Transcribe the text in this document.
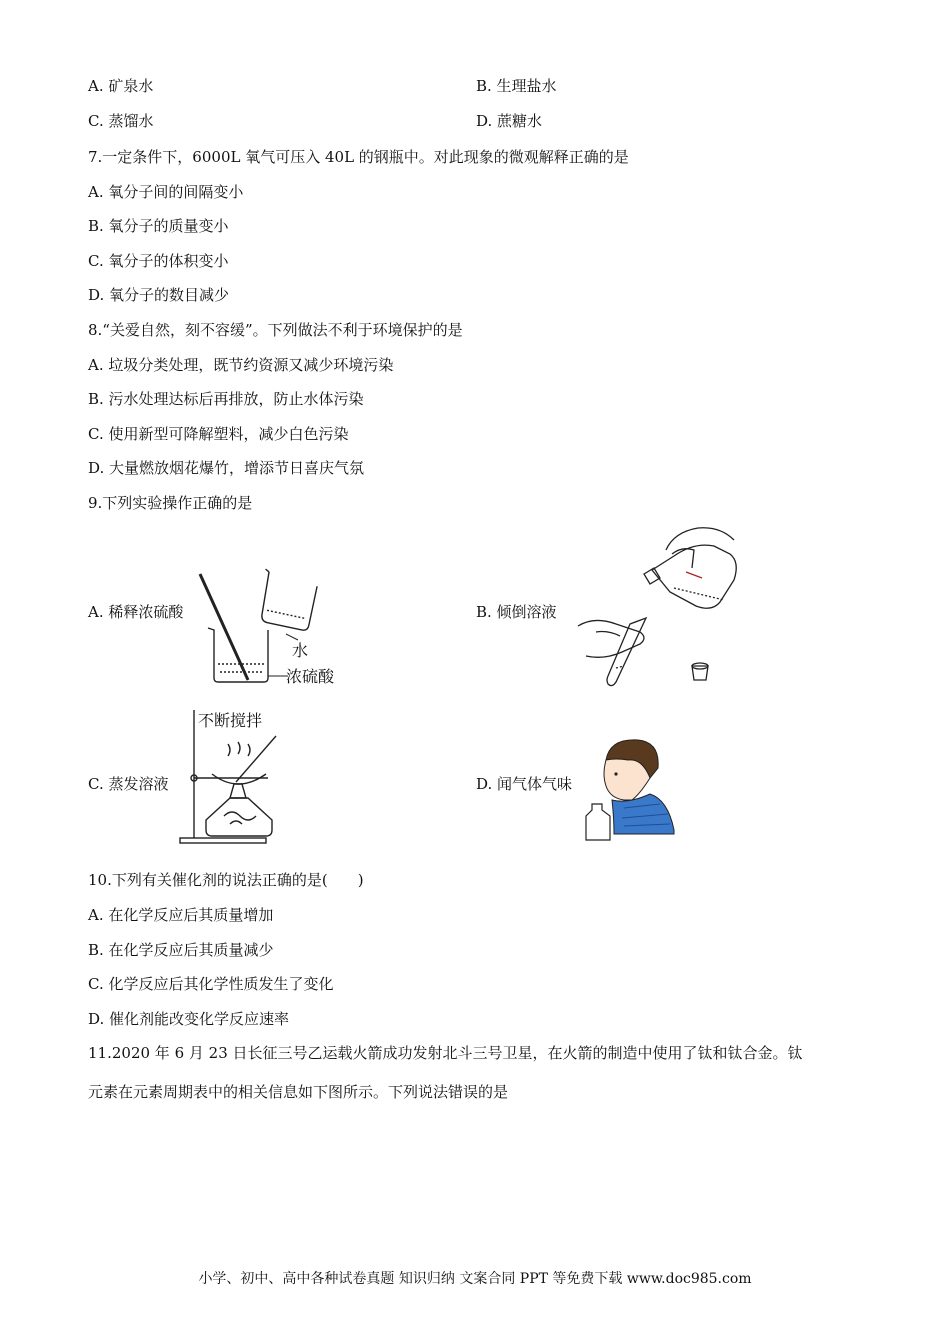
A. 矿泉水	B. 生理盐水
C. 蒸馏水	D. 蔗糖水
7.一定条件下，6000L 氧气可压入 40L 的钢瓶中。对此现象的微观解释正确的是
A. 氧分子间的间隔变小
B. 氧分子的质量变小
C. 氧分子的体积变小
D. 氧分子的数目减少
8.“关爱自然，刻不容缓”。下列做法不利于环境保护的是
A. 垃圾分类处理，既节约资源又减少环境污染
B. 污水处理达标后再排放，防止水体污染
C. 使用新型可降解塑料，减少白色污染
D. 大量燃放烟花爆竹，增添节日喜庆气氛
9.下列实验操作正确的是
A. 稀释浓硫酸
水
浓硫酸
B. 倾倒溶液
C. 蒸发溶液
不断搅拌
D. 闻气体气味
10.下列有关催化剂的说法正确的是(　　)
A. 在化学反应后其质量增加
B. 在化学反应后其质量减少
C. 化学反应后其化学性质发生了变化
D. 催化剂能改变化学反应速率
11.2020 年 6 月 23 日长征三号乙运载火箭成功发射北斗三号卫星，在火箭的制造中使用了钛和钛合金。钛
元素在元素周期表中的相关信息如下图所示。下列说法错误的是
小学、初中、高中各种试卷真题 知识归纳 文案合同 PPT 等免费下载 www.doc985.com
